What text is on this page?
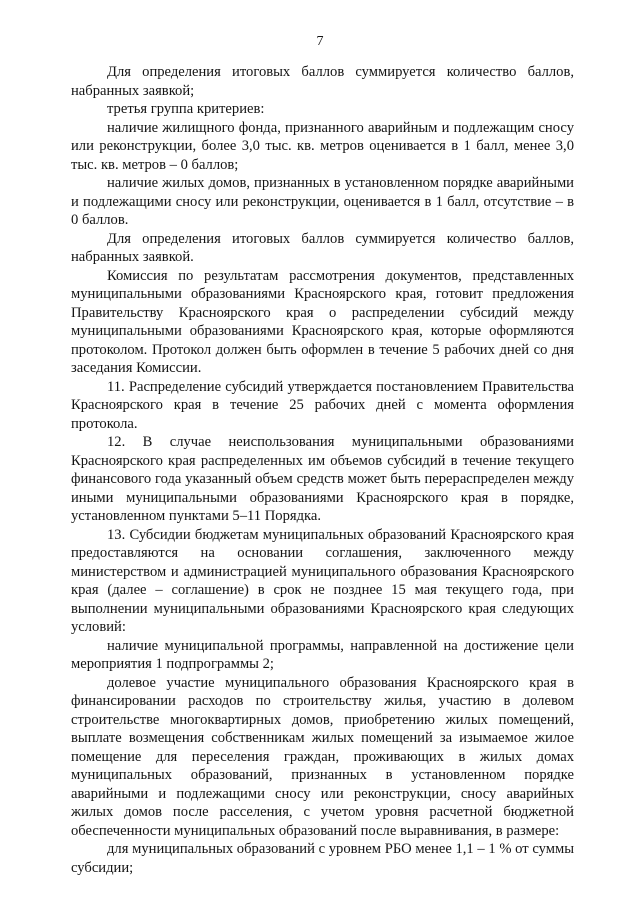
7

Для определения итоговых баллов суммируется количество баллов, набранных заявкой;

третья группа критериев:

наличие жилищного фонда, признанного аварийным и подлежащим сносу или реконструкции, более 3,0 тыс. кв. метров оценивается в 1 балл, менее 3,0 тыс. кв. метров – 0 баллов;

наличие жилых домов, признанных в установленном порядке аварийными и подлежащими сносу или реконструкции, оценивается в 1 балл, отсутствие – в 0 баллов.

Для определения итоговых баллов суммируется количество баллов, набранных заявкой.

Комиссия по результатам рассмотрения документов, представленных муниципальными образованиями Красноярского края, готовит предложения Правительству Красноярского края о распределении субсидий между муниципальными образованиями Красноярского края, которые оформляются протоколом. Протокол должен быть оформлен в течение 5 рабочих дней со дня заседания Комиссии.

11. Распределение субсидий утверждается постановлением Правительства Красноярского края в течение 25 рабочих дней с момента оформления протокола.

12. В случае неиспользования муниципальными образованиями Красноярского края распределенных им объемов субсидий в течение текущего финансового года указанный объем средств может быть перераспределен между иными муниципальными образованиями Красноярского края в порядке, установленном пунктами 5–11 Порядка.

13. Субсидии бюджетам муниципальных образований Красноярского края предоставляются на основании соглашения, заключенного между министерством и администрацией муниципального образования Красноярского края (далее – соглашение) в срок не позднее 15 мая текущего года, при выполнении муниципальными образованиями Красноярского края следующих условий:

наличие муниципальной программы, направленной на достижение цели мероприятия 1 подпрограммы 2;

долевое участие муниципального образования Красноярского края в финансировании расходов по строительству жилья, участию в долевом строительстве многоквартирных домов, приобретению жилых помещений, выплате возмещения собственникам жилых помещений за изымаемое жилое помещение для переселения граждан, проживающих в жилых домах муниципальных образований, признанных в установленном порядке аварийными и подлежащими сносу или реконструкции, сносу аварийных жилых домов после расселения, с учетом уровня расчетной бюджетной обеспеченности муниципальных образований после выравнивания, в размере:

для муниципальных образований с уровнем РБО менее 1,1 – 1 % от суммы субсидии;
